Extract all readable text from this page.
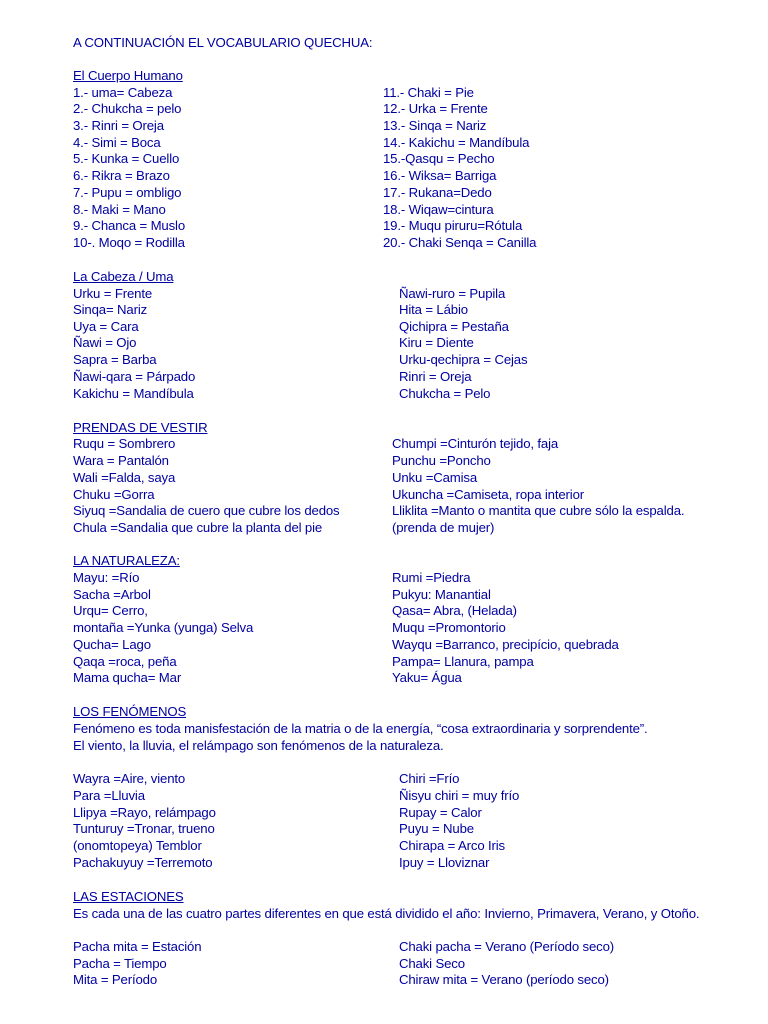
A CONTINUACIÓN EL VOCABULARIO QUECHUA:
El Cuerpo Humano
1.- uma= Cabeza
2.- Chukcha = pelo
3.- Rinri = Oreja
4.- Simi = Boca
5.- Kunka = Cuello
6.- Rikra = Brazo
7.- Pupu = ombligo
8.- Maki = Mano
9.- Chanca = Muslo
10-. Moqo = Rodilla
11.- Chaki = Pie
12.- Urka = Frente
13.- Sinqa = Nariz
14.- Kakichu = Mandíbula
15.-Qasqu = Pecho
16.- Wiksa= Barriga
17.- Rukana=Dedo
18.- Wiqaw=cintura
19.- Muqu piruru=Rótula
20.- Chaki Senqa = Canilla
La Cabeza / Uma
Urku = Frente
Sinqa= Nariz
Uya = Cara
Ñawi = Ojo
Sapra = Barba
Ñawi-qara = Párpado
Kakichu = Mandíbula
Ñawi-ruro = Pupila
Hita = Lábio
Qichipra = Pestaña
Kiru = Diente
Urku-qechipra = Cejas
Rinri = Oreja
Chukcha = Pelo
PRENDAS DE VESTIR
Ruqu = Sombrero
Wara = Pantalón
Wali =Falda, saya
Chuku =Gorra
Siyuq =Sandalia de cuero que cubre los dedos
Chula =Sandalia que cubre la planta del pie
Chumpi =Cinturón tejido, faja
Punchu =Poncho
Unku =Camisa
Ukuncha =Camiseta, ropa interior
Lliklita =Manto o mantita que cubre sólo la espalda.
(prenda de mujer)
LA NATURALEZA:
Mayu: =Río
Sacha =Arbol
Urqu= Cerro,
montaña =Yunka (yunga) Selva
Qucha= Lago
Qaqa =roca, peña
Mama qucha= Mar
Rumi =Piedra
Pukyu: Manantial
Qasa= Abra, (Helada)
Muqu =Promontorio
Wayqu =Barranco, precipício, quebrada
Pampa= Llanura, pampa
Yaku= Água
LOS FENÓMENOS
Fenómeno es toda manisfestación de la matria o de la energía, “cosa extraordinaria y sorprendente”.
El viento, la lluvia, el relámpago son fenómenos de la naturaleza.
Wayra =Aire, viento
Para =Lluvia
Llipya =Rayo, relámpago
Tunturuy =Tronar, trueno
(onomtopeya) Temblor
Pachakuyuy =Terremoto
Chiri =Frío
Ñisyu chiri = muy frío
Rupay = Calor
Puyu = Nube
Chirapa = Arco Iris
Ipuy = Lloviznar
LAS ESTACIONES
Es cada una de las cuatro partes diferentes en que está dividido el año: Invierno, Primavera, Verano, y Otoño.
Pacha mita = Estación
Pacha = Tiempo
Mita = Período
Chaki pacha = Verano (Período seco)
Chaki Seco
Chiraw mita = Verano (período seco)
